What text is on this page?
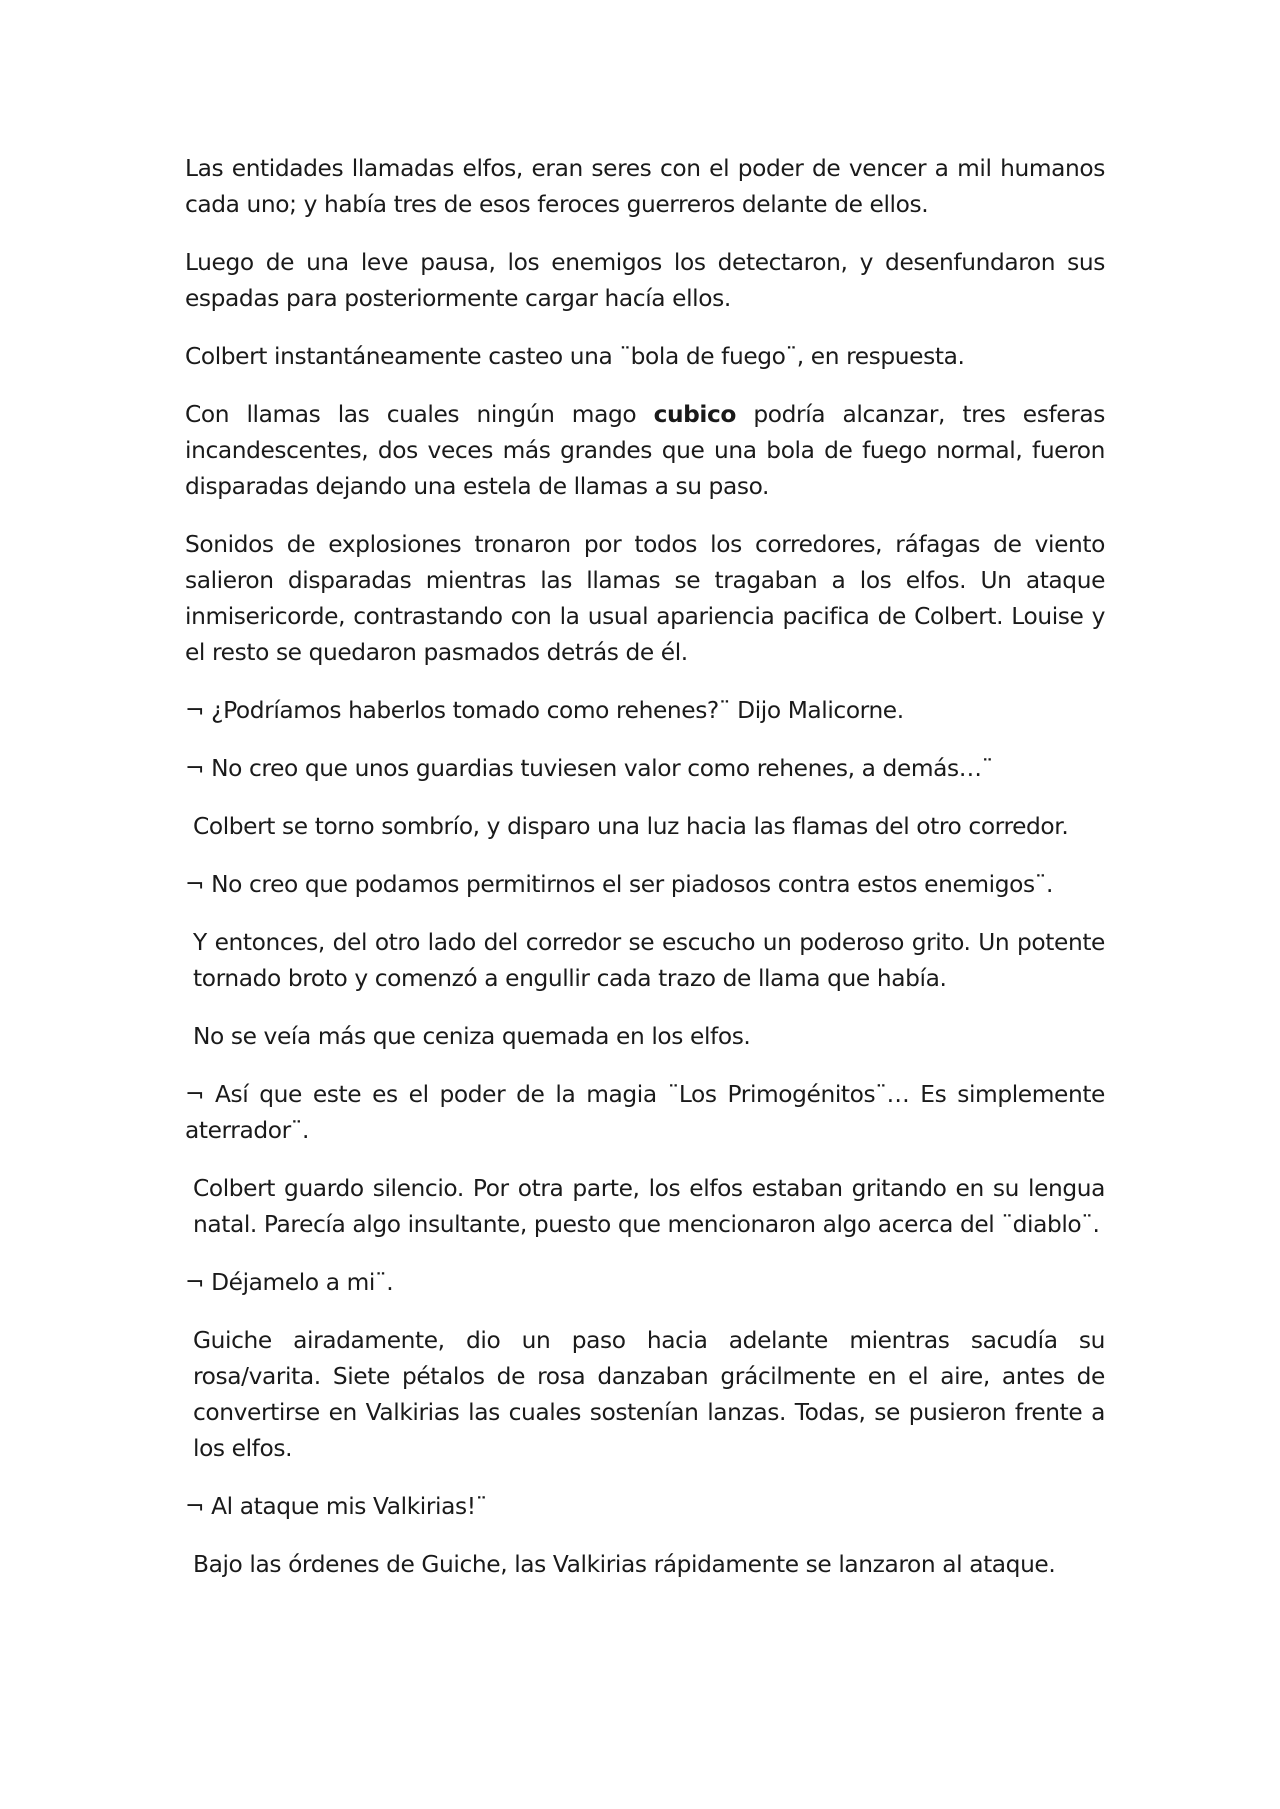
Las entidades llamadas elfos, eran seres con el poder de vencer a mil humanos cada uno; y había tres de esos feroces guerreros delante de ellos.

Luego de una leve pausa, los enemigos los detectaron, y desenfundaron sus espadas para posteriormente cargar hacía ellos.

Colbert instantáneamente casteo una ¨bola de fuego¨, en respuesta.

Con llamas las cuales ningún mago cubico podría alcanzar, tres esferas incandescentes, dos veces más grandes que una bola de fuego normal, fueron disparadas dejando una estela de llamas a su paso.

Sonidos de explosiones tronaron por todos los corredores, ráfagas de viento salieron disparadas mientras las llamas se tragaban a los elfos. Un ataque inmisericorde, contrastando con la usual apariencia pacifica de Colbert. Louise y el resto se quedaron pasmados detrás de él.

¬ ¿Podríamos haberlos tomado como rehenes?¨ Dijo Malicorne.

¬ No creo que unos guardias tuviesen valor como rehenes, a demás…¨

Colbert se torno sombrío, y disparo una luz hacia las flamas del otro corredor.

¬ No creo que podamos permitirnos el ser piadosos contra estos enemigos¨.

Y entonces, del otro lado del corredor se escucho un poderoso grito. Un potente tornado broto y comenzó a engullir cada trazo de llama que había.

No se veía más que ceniza quemada en los elfos.

¬ Así que este es el poder de la magia ¨Los Primogénitos¨… Es simplemente aterrador¨.

Colbert guardo silencio. Por otra parte, los elfos estaban gritando en su lengua natal. Parecía algo insultante, puesto que mencionaron algo acerca del ¨diablo¨.

¬ Déjamelo a mi¨.

Guiche airadamente, dio un paso hacia adelante mientras sacudía su rosa/varita. Siete pétalos de rosa danzaban grácilmente en el aire, antes de convertirse en Valkirias las cuales sostenían lanzas. Todas, se pusieron frente a los elfos.

¬ Al ataque mis Valkirias!¨

Bajo las órdenes de Guiche, las Valkirias rápidamente se lanzaron al ataque.
